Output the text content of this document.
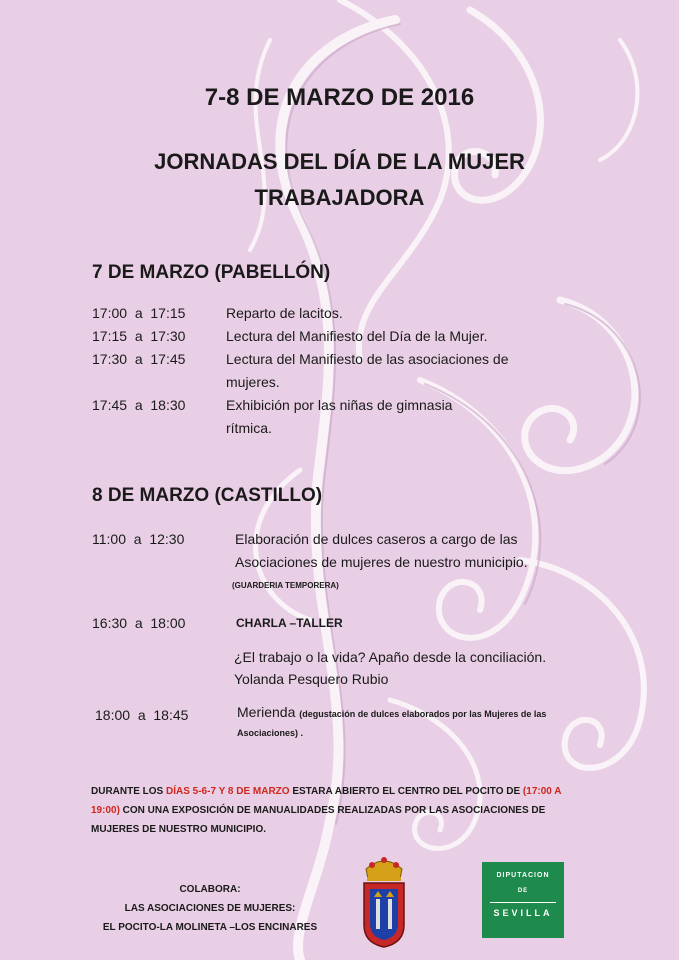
7-8 DE MARZO DE 2016
JORNADAS DEL DÍA DE LA MUJER
TRABAJADORA
7 DE MARZO (PABELLÓN)
17:00  a  17:15	Reparto de lacitos.
17:15  a  17:30	Lectura del Manifiesto del Día de la Mujer.
17:30  a  17:45	Lectura del Manifiesto de las asociaciones de mujeres.
17:45  a  18:30	Exhibición por las niñas de gimnasia rítmica.
8 DE MARZO (CASTILLO)
11:00  a  12:30	Elaboración de dulces caseros a cargo de las Asociaciones de mujeres de nuestro municipio.
(GUARDERIA TEMPORERA)
16:30  a  18:00	CHARLA –TALLER
¿El trabajo o la vida? Apaño desde la conciliación.
Yolanda Pesquero Rubio
18:00  a  18:45	Merienda (degustación de dulces elaborados por las Mujeres de las Asociaciones) .
DURANTE LOS DÍAS 5-6-7 Y 8 DE MARZO ESTARA ABIERTO EL CENTRO DEL POCITO DE (17:00 A 19:00) CON UNA EXPOSICIÓN DE MANUALIDADES REALIZADAS POR LAS ASOCIACIONES DE MUJERES DE NUESTRO MUNICIPIO.
COLABORA:
LAS ASOCIACIONES DE MUJERES:
EL POCITO-LA MOLINETA –LOS ENCINARES
DIPUTACION
DE
SEVILLA
